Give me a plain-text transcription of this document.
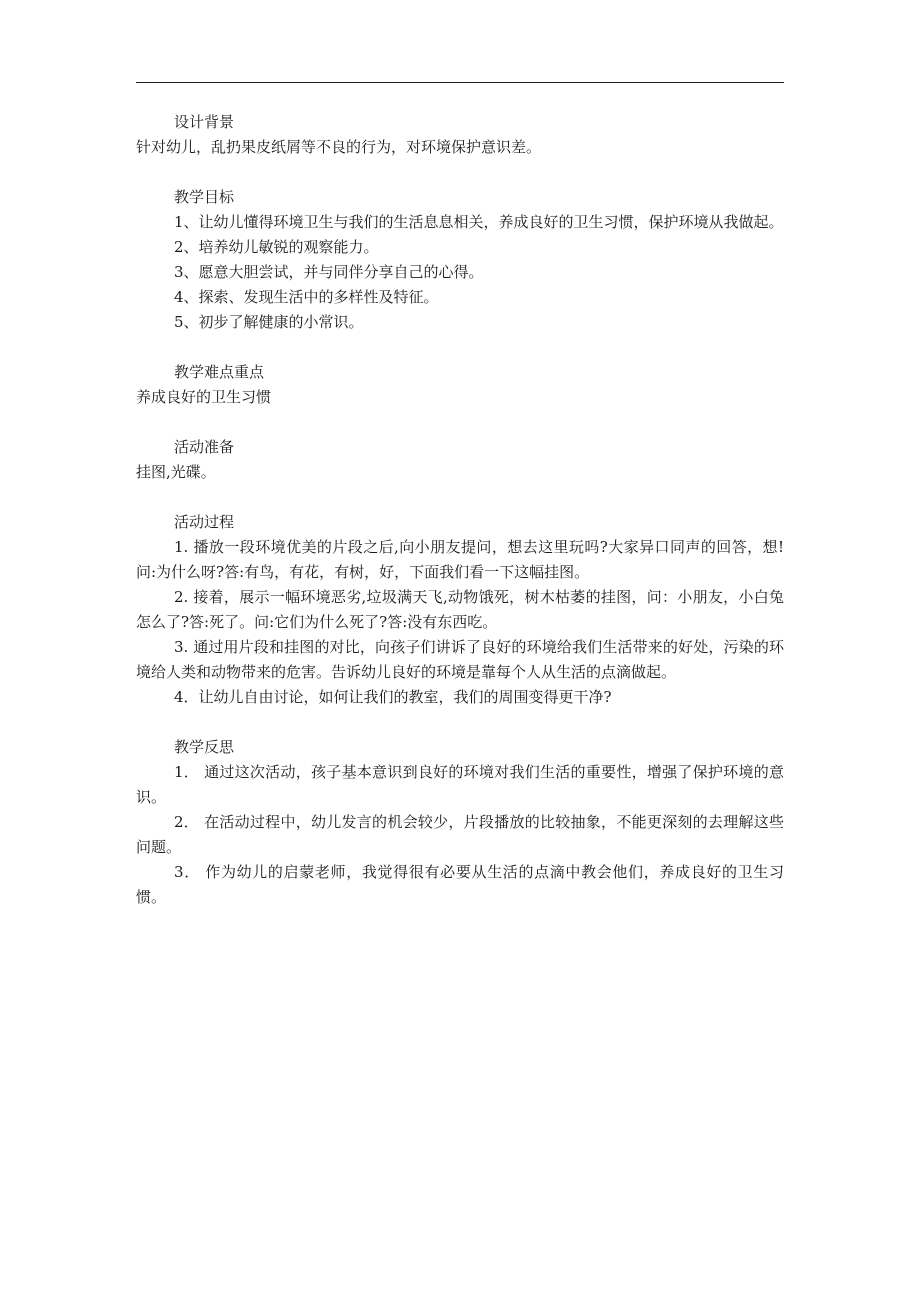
设计背景
针对幼儿，乱扔果皮纸屑等不良的行为，对环境保护意识差。
教学目标
1、让幼儿懂得环境卫生与我们的生活息息相关，养成良好的卫生习惯，保护环境从我做起。
2、培养幼儿敏锐的观察能力。
3、愿意大胆尝试，并与同伴分享自己的心得。
4、探索、发现生活中的多样性及特征。
5、初步了解健康的小常识。
教学难点重点
养成良好的卫生习惯
活动准备
挂图,光碟。
活动过程
1. 播放一段环境优美的片段之后,向小朋友提问，想去这里玩吗?大家异口同声的回答，想!问:为什么呀?答:有鸟，有花，有树，好，下面我们看一下这幅挂图。
2. 接着，展示一幅环境恶劣,垃圾满天飞,动物饿死，树木枯萎的挂图，问：小朋友，小白兔怎么了?答:死了。问:它们为什么死了?答:没有东西吃。
3. 通过用片段和挂图的对比，向孩子们讲诉了良好的环境给我们生活带来的好处，污染的环境给人类和动物带来的危害。告诉幼儿良好的环境是靠每个人从生活的点滴做起。
4．让幼儿自由讨论，如何让我们的教室，我们的周围变得更干净?
教学反思
1． 通过这次活动，孩子基本意识到良好的环境对我们生活的重要性，增强了保护环境的意识。
2． 在活动过程中，幼儿发言的机会较少，片段播放的比较抽象，不能更深刻的去理解这些问题。
3． 作为幼儿的启蒙老师，我觉得很有必要从生活的点滴中教会他们，养成良好的卫生习惯。
